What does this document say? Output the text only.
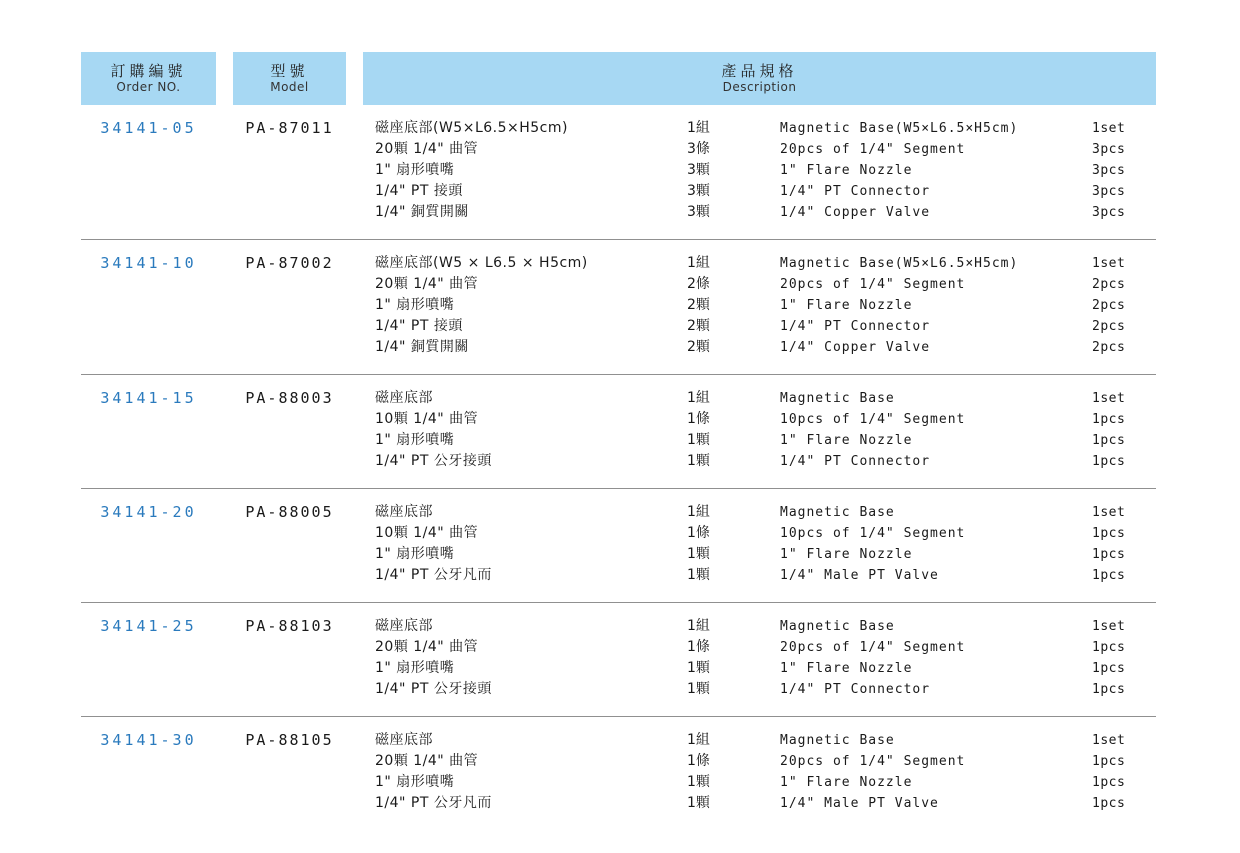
訂購編號
Order NO.
型號
Model
產品規格
Description
34141-05	PA-87011	磁座底部(W5×L6.5×H5cm)	1組	Magnetic Base(W5×L6.5×H5cm)	1set
20顆 1/4" 曲管	3條	20pcs of 1/4" Segment	3pcs
1" 扇形噴嘴	3顆	1" Flare Nozzle	3pcs
1/4" PT 接頭	3顆	1/4" PT Connector	3pcs
1/4" 銅質開關	3顆	1/4" Copper Valve	3pcs
34141-10	PA-87002	磁座底部(W5 × L6.5 × H5cm)	1組	Magnetic Base(W5×L6.5×H5cm)	1set
20顆 1/4" 曲管	2條	20pcs of 1/4" Segment	2pcs
1" 扇形噴嘴	2顆	1" Flare Nozzle	2pcs
1/4" PT 接頭	2顆	1/4" PT Connector	2pcs
1/4" 銅質開關	2顆	1/4" Copper Valve	2pcs
34141-15	PA-88003	磁座底部	1組	Magnetic Base	1set
10顆 1/4" 曲管	1條	10pcs of 1/4" Segment	1pcs
1" 扇形噴嘴	1顆	1" Flare Nozzle	1pcs
1/4" PT 公牙接頭	1顆	1/4" PT Connector	1pcs
34141-20	PA-88005	磁座底部	1組	Magnetic Base	1set
10顆 1/4" 曲管	1條	10pcs of 1/4" Segment	1pcs
1" 扇形噴嘴	1顆	1" Flare Nozzle	1pcs
1/4" PT 公牙凡而	1顆	1/4" Male PT Valve	1pcs
34141-25	PA-88103	磁座底部	1組	Magnetic Base	1set
20顆 1/4" 曲管	1條	20pcs of 1/4" Segment	1pcs
1" 扇形噴嘴	1顆	1" Flare Nozzle	1pcs
1/4" PT 公牙接頭	1顆	1/4" PT Connector	1pcs
34141-30	PA-88105	磁座底部	1組	Magnetic Base	1set
20顆 1/4" 曲管	1條	20pcs of 1/4" Segment	1pcs
1" 扇形噴嘴	1顆	1" Flare Nozzle	1pcs
1/4" PT 公牙凡而	1顆	1/4" Male PT Valve	1pcs
